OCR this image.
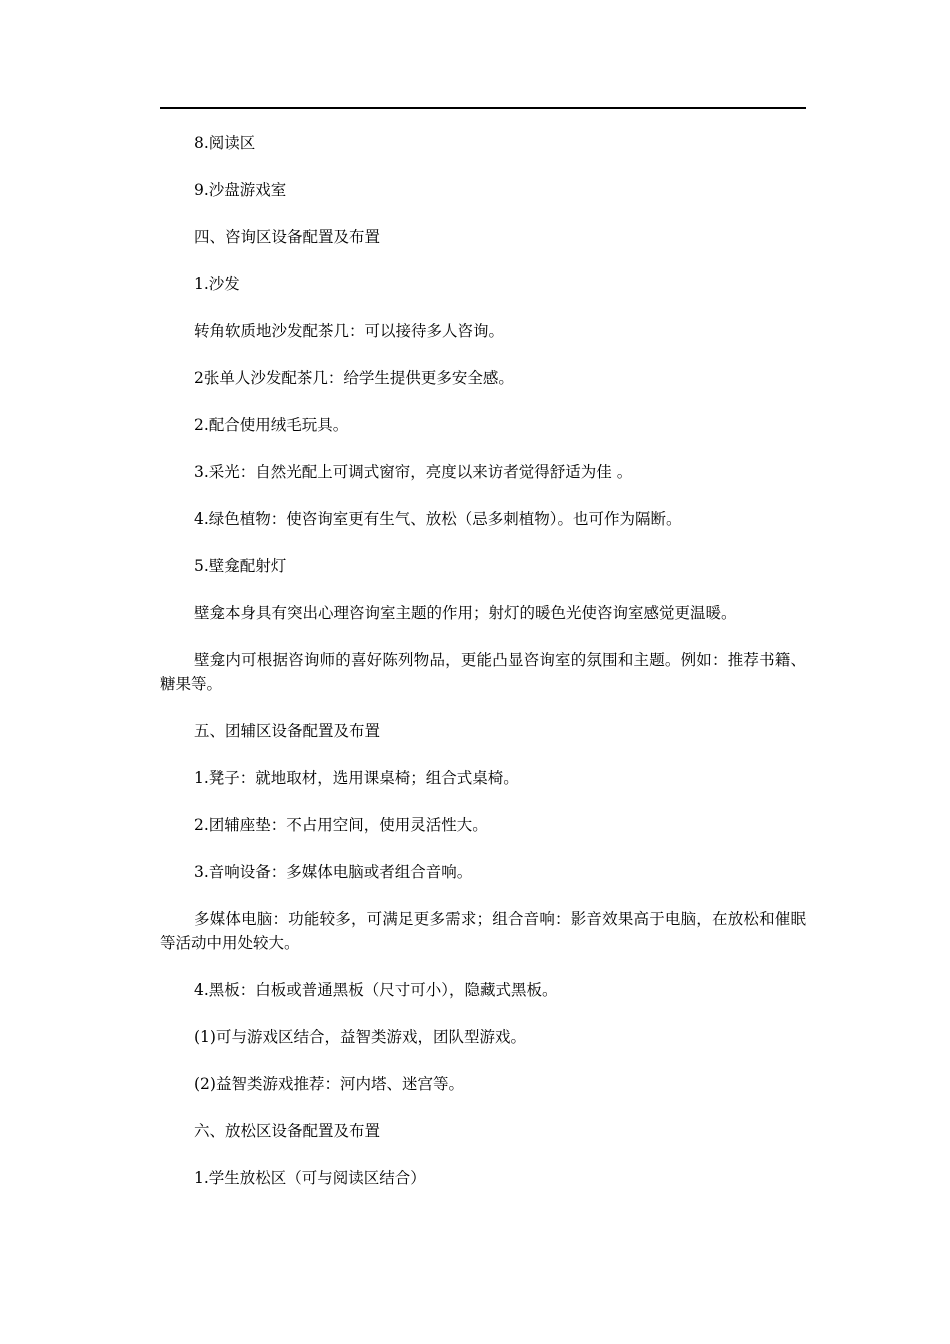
8.阅读区

9.沙盘游戏室

四、咨询区设备配置及布置

1.沙发

转角软质地沙发配茶几：可以接待多人咨询。

2张单人沙发配茶几：给学生提供更多安全感。

2.配合使用绒毛玩具。

3.采光：自然光配上可调式窗帘，亮度以来访者觉得舒适为佳 。

4.绿色植物：使咨询室更有生气、放松（忌多刺植物）。也可作为隔断。

5.壁龛配射灯

壁龛本身具有突出心理咨询室主题的作用；射灯的暖色光使咨询室感觉更温暖。

壁龛内可根据咨询师的喜好陈列物品，更能凸显咨询室的氛围和主题。例如：推荐书籍、糖果等。

五、团辅区设备配置及布置

1.凳子：就地取材，选用课桌椅；组合式桌椅。

2.团辅座垫：不占用空间，使用灵活性大。

3.音响设备：多媒体电脑或者组合音响。

多媒体电脑：功能较多，可满足更多需求；组合音响：影音效果高于电脑，在放松和催眠等活动中用处较大。

4.黑板：白板或普通黑板（尺寸可小），隐藏式黑板。

(1)可与游戏区结合，益智类游戏，团队型游戏。

(2)益智类游戏推荐：河内塔、迷宫等。

六、放松区设备配置及布置

1.学生放松区（可与阅读区结合）
